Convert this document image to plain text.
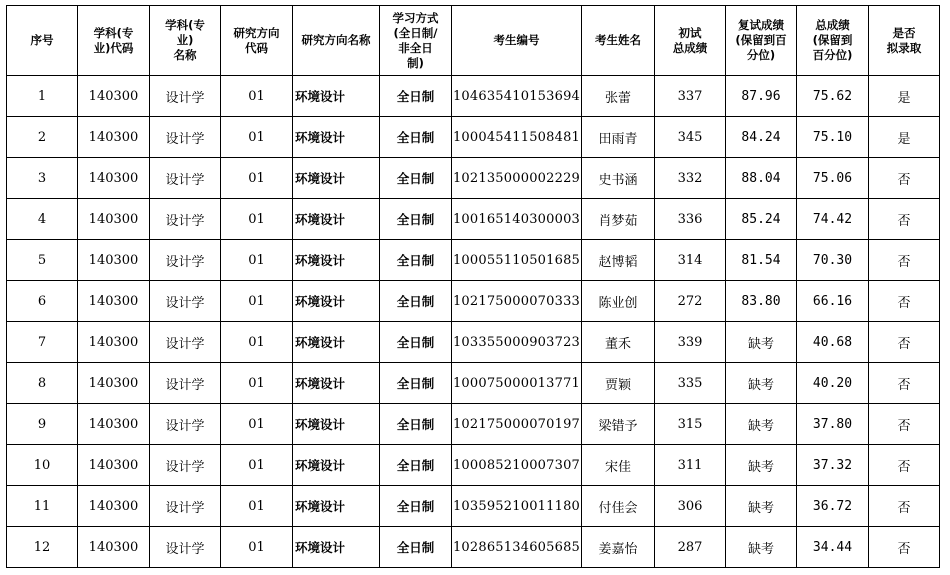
序号	学科(专
业)代码	学科(专
业)
名称	研究方向
代码	研究方向名称	学习方式
(全日制/
非全日
制)	考生编号	考生姓名	初试
总成绩	复试成绩
(保留到百
分位)	总成绩
(保留到
百分位)	是否
拟录取

1	140300	设计学	01	环境设计	全日制	104635410153694	张蕾	337	87.96	75.62	是
2	140300	设计学	01	环境设计	全日制	100045411508481	田雨青	345	84.24	75.10	是
3	140300	设计学	01	环境设计	全日制	102135000002229	史书涵	332	88.04	75.06	否
4	140300	设计学	01	环境设计	全日制	100165140300003	肖梦茹	336	85.24	74.42	否
5	140300	设计学	01	环境设计	全日制	100055110501685	赵博韬	314	81.54	70.30	否
6	140300	设计学	01	环境设计	全日制	102175000070333	陈业创	272	83.80	66.16	否
7	140300	设计学	01	环境设计	全日制	103355000903723	董禾	339	缺考	40.68	否
8	140300	设计学	01	环境设计	全日制	100075000013771	贾颖	335	缺考	40.20	否
9	140300	设计学	01	环境设计	全日制	102175000070197	梁错予	315	缺考	37.80	否
10	140300	设计学	01	环境设计	全日制	100085210007307	宋佳	311	缺考	37.32	否
11	140300	设计学	01	环境设计	全日制	103595210011180	付佳会	306	缺考	36.72	否
12	140300	设计学	01	环境设计	全日制	102865134605685	姜嘉怡	287	缺考	34.44	否
